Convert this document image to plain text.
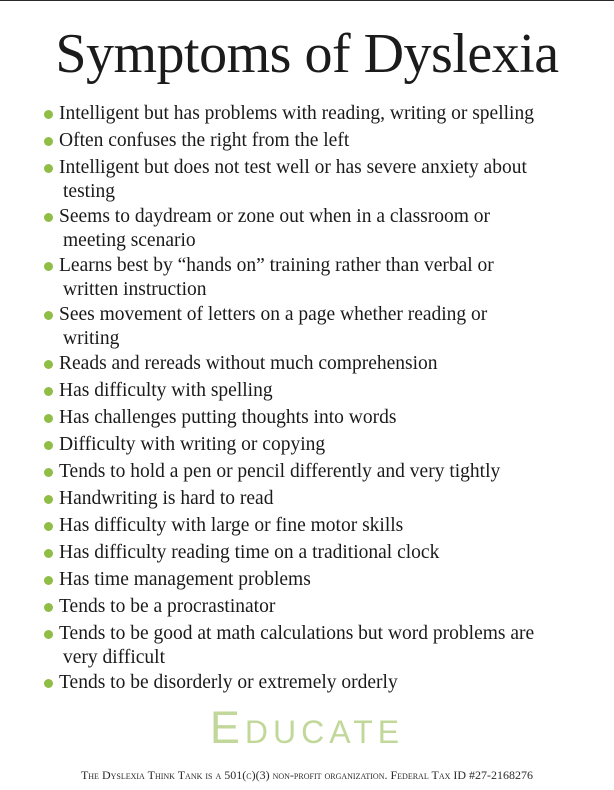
Symptoms of Dyslexia
Intelligent but has problems with reading, writing or spelling
Often confuses the right from the left
Intelligent but does not test well or has severe anxiety about
testing
Seems to daydream or zone out when in a classroom or
meeting scenario
Learns best by “hands on” training rather than verbal or
written instruction
Sees movement of letters on a page whether reading or
writing
Reads and rereads without much comprehension
Has difficulty with spelling
Has challenges putting thoughts into words
Difficulty with writing or copying
Tends to hold a pen or pencil differently and very tightly
Handwriting is hard to read
Has difficulty with large or fine motor skills
Has difficulty reading time on a traditional clock
Has time management problems
Tends to be a procrastinator
Tends to be good at math calculations but word problems are
very difficult
Tends to be disorderly or extremely orderly
Educate
The Dyslexia Think Tank is a 501(c)(3) non-profit organization. Federal Tax ID #27-2168276
